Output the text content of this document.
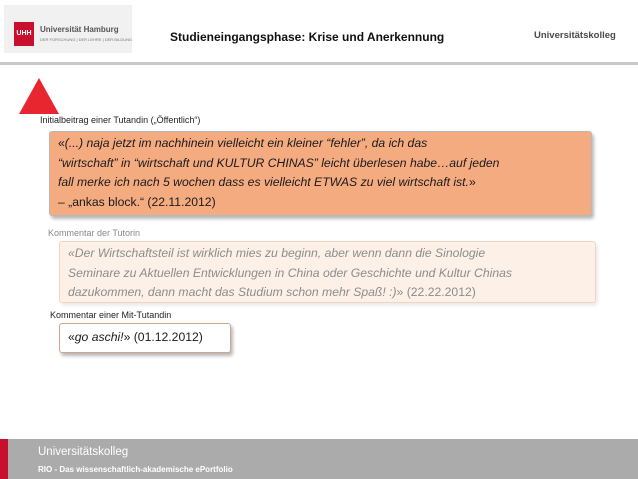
UHH	Universität Hamburg
DER FORSCHUNG | DER LEHRE | DER BILDUNG	Studieneingangsphase: Krise und Anerkennung	Universitätskolleg
Initialbeitrag einer Tutandin („Öffentlich“)
«(...) naja jetzt im nachhinein vielleicht ein kleiner “fehler”, da ich das
“wirtschaft” in “wirtschaft und KULTUR CHINAS” leicht überlesen habe…auf jeden
fall merke ich nach 5 wochen dass es vielleicht ETWAS zu viel wirtschaft ist.»
– „ankas block.“ (22.11.2012)
Kommentar der Tutorin
«Der Wirtschaftsteil ist wirklich mies zu beginn, aber wenn dann die Sinologie
Seminare zu Aktuellen Entwicklungen in China oder Geschichte und Kultur Chinas
dazukommen, dann macht das Studium schon mehr Spaß! :)» (22.22.2012)
Kommentar einer Mit-Tutandin
«go aschi!» (01.12.2012)
Universitätskolleg
RIO - Das wissenschaftlich-akademische ePortfolio
